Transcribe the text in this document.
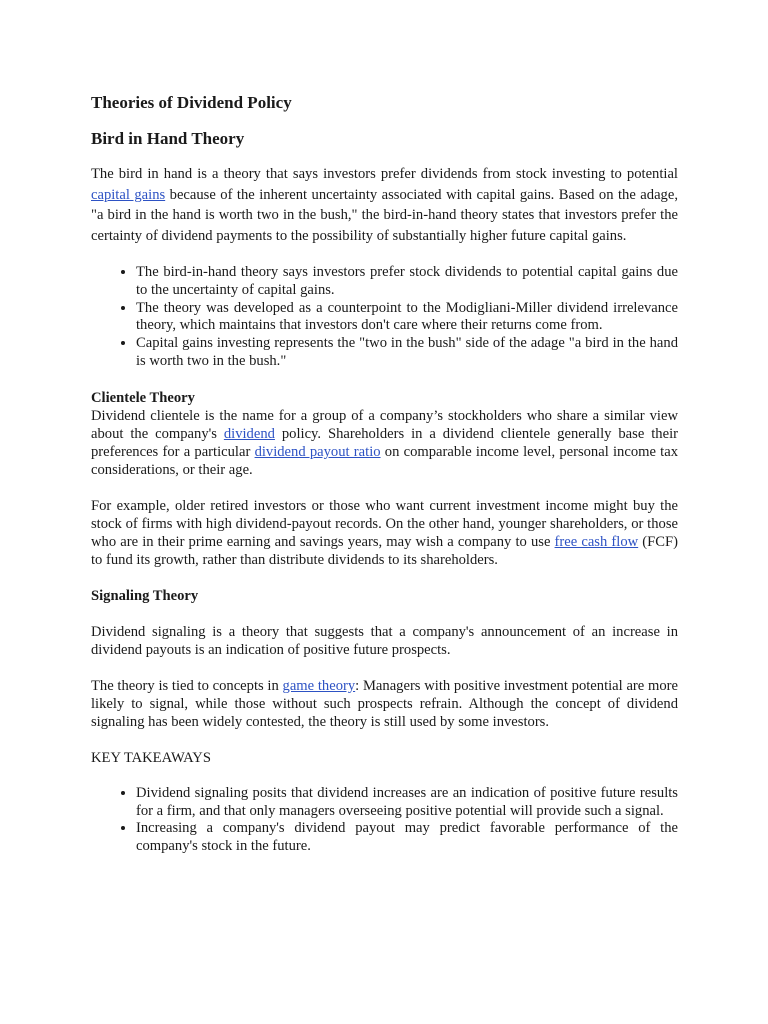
Theories of Dividend Policy
Bird in Hand Theory

The bird in hand is a theory that says investors prefer dividends from stock investing to potential capital gains because of the inherent uncertainty associated with capital gains. Based on the adage, "a bird in the hand is worth two in the bush," the bird-in-hand theory states that investors prefer the certainty of dividend payments to the possibility of substantially higher future capital gains.

• The bird-in-hand theory says investors prefer stock dividends to potential capital gains due to the uncertainty of capital gains.
• The theory was developed as a counterpoint to the Modigliani-Miller dividend irrelevance theory, which maintains that investors don't care where their returns come from.
• Capital gains investing represents the "two in the bush" side of the adage "a bird in the hand is worth two in the bush."

Clientele Theory

Dividend clientele is the name for a group of a company’s stockholders who share a similar view about the company's dividend policy. Shareholders in a dividend clientele generally base their preferences for a particular dividend payout ratio on comparable income level, personal income tax considerations, or their age.

For example, older retired investors or those who want current investment income might buy the stock of firms with high dividend-payout records. On the other hand, younger shareholders, or those who are in their prime earning and savings years, may wish a company to use free cash flow (FCF) to fund its growth, rather than distribute dividends to its shareholders.

Signaling Theory

Dividend signaling is a theory that suggests that a company's announcement of an increase in dividend payouts is an indication of positive future prospects.

The theory is tied to concepts in game theory: Managers with positive investment potential are more likely to signal, while those without such prospects refrain. Although the concept of dividend signaling has been widely contested, the theory is still used by some investors.

KEY TAKEAWAYS

• Dividend signaling posits that dividend increases are an indication of positive future results for a firm, and that only managers overseeing positive potential will provide such a signal.
• Increasing a company's dividend payout may predict favorable performance of the company's stock in the future.
